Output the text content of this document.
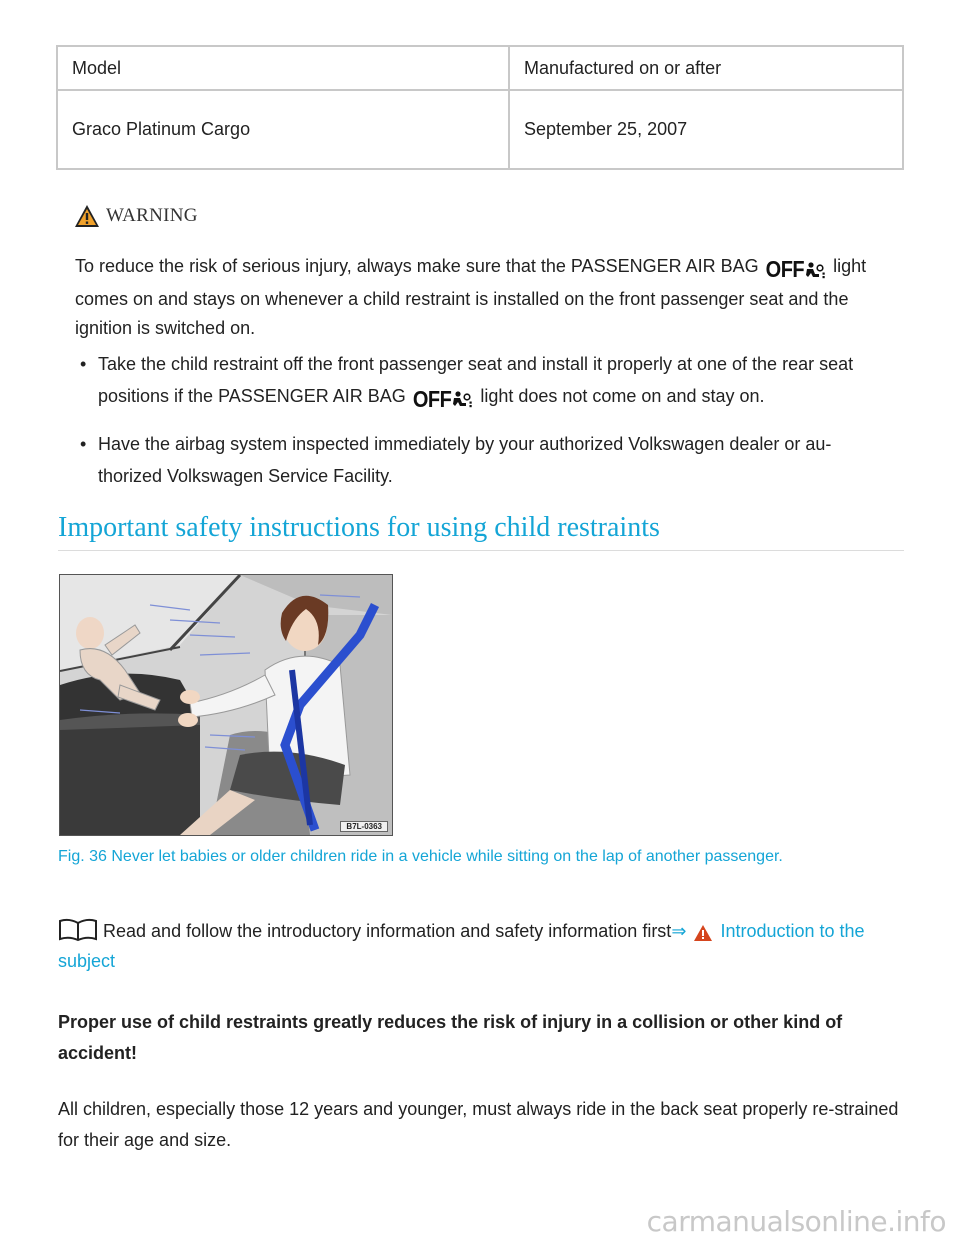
Model	Manufactured on or after
Graco Platinum Cargo	September 25, 2007
WARNING
To reduce the risk of serious injury, always make sure that the PASSENGER AIR BAG OFF light comes on and stays on whenever a child restraint is installed on the front passenger seat and the ignition is switched on.
• Take the child restraint off the front passenger seat and install it properly at one of the rear seat positions if the PASSENGER AIR BAG OFF light does not come on and stay on.
• Have the airbag system inspected immediately by your authorized Volkswagen dealer or au-thorized Volkswagen Service Facility.
Important safety instructions for using child restraints
B7L-0363
Fig. 36 Never let babies or older children ride in a vehicle while sitting on the lap of another passenger.
Read and follow the introductory information and safety information first⇒ Introduction to the subject
Proper use of child restraints greatly reduces the risk of injury in a collision or other kind of accident!
All children, especially those 12 years and younger, must always ride in the back seat properly re-strained for their age and size.
carmanualsonline.info
